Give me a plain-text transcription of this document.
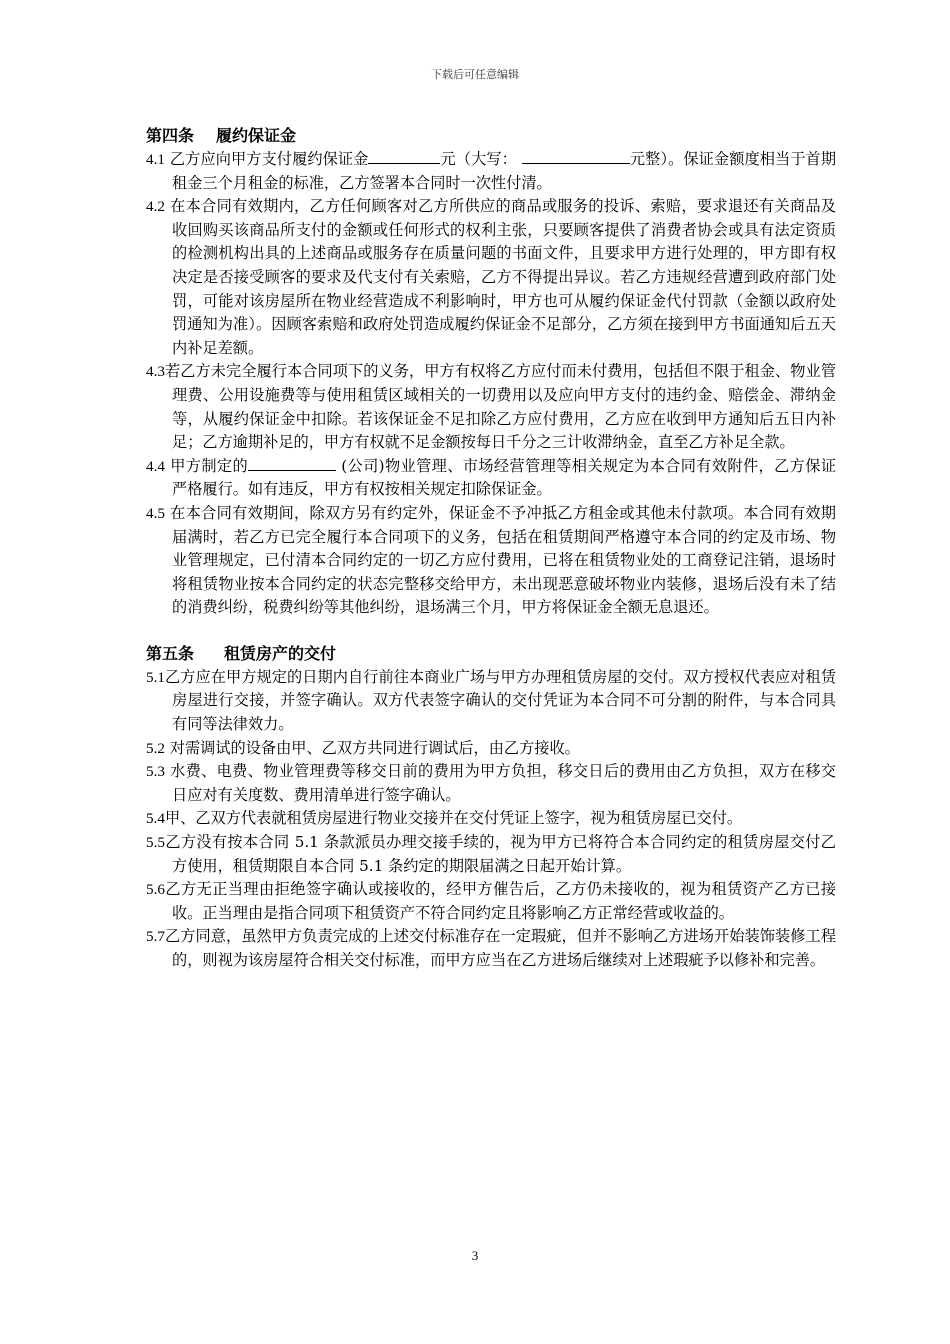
下载后可任意编辑
第四条 履约保证金

4.1 乙方应向甲方支付履约保证金	元（大写：	元整）。保证金额度相当于首期租金三个月租金的标准，乙方签署本合同时一次性付清。

4.2 在本合同有效期内，乙方任何顾客对乙方所供应的商品或服务的投诉、索赔，要求退还有关商品及收回购买该商品所支付的金额或任何形式的权利主张，只要顾客提供了消费者协会或具有法定资质的检测机构出具的上述商品或服务存在质量问题的书面文件，且要求甲方进行处理的，甲方即有权决定是否接受顾客的要求及代支付有关索赔，乙方不得提出异议。若乙方违规经营遭到政府部门处罚，可能对该房屋所在物业经营造成不利影响时，甲方也可从履约保证金代付罚款（金额以政府处罚通知为准）。因顾客索赔和政府处罚造成履约保证金不足部分，乙方须在接到甲方书面通知后五天内补足差额。

4.3若乙方未完全履行本合同项下的义务，甲方有权将乙方应付而未付费用，包括但不限于租金、物业管理费、公用设施费等与使用租赁区域相关的一切费用以及应向甲方支付的违约金、赔偿金、滞纳金等，从履约保证金中扣除。若该保证金不足扣除乙方应付费用，乙方应在收到甲方通知后五日内补足；乙方逾期补足的，甲方有权就不足金额按每日千分之三计收滞纳金，直至乙方补足全款。

4.4 甲方制定的	(公司)物业管理、市场经营管理等相关规定为本合同有效附件，乙方保证严格履行。如有违反，甲方有权按相关规定扣除保证金。

4.5 在本合同有效期间，除双方另有约定外，保证金不予冲抵乙方租金或其他未付款项。本合同有效期届满时，若乙方已完全履行本合同项下的义务，包括在租赁期间严格遵守本合同的约定及市场、物业管理规定，已付清本合同约定的一切乙方应付费用，已将在租赁物业处的工商登记注销，退场时将租赁物业按本合同约定的状态完整移交给甲方，未出现恶意破坏物业内装修，退场后没有未了结的消费纠纷，税费纠纷等其他纠纷，退场满三个月，甲方将保证金全额无息退还。

第五条 租赁房产的交付

5.1乙方应在甲方规定的日期内自行前往本商业广场与甲方办理租赁房屋的交付。双方授权代表应对租赁房屋进行交接，并签字确认。双方代表签字确认的交付凭证为本合同不可分割的附件，与本合同具有同等法律效力。

5.2 对需调试的设备由甲、乙双方共同进行调试后，由乙方接收。

5.3 水费、电费、物业管理费等移交日前的费用为甲方负担，移交日后的费用由乙方负担，双方在移交日应对有关度数、费用清单进行签字确认。

5.4甲、乙双方代表就租赁房屋进行物业交接并在交付凭证上签字，视为租赁房屋已交付。

5.5乙方没有按本合同 5.1 条款派员办理交接手续的，视为甲方已将符合本合同约定的租赁房屋交付乙方使用，租赁期限自本合同 5.1 条约定的期限届满之日起开始计算。

5.6乙方无正当理由拒绝签字确认或接收的，经甲方催告后，乙方仍未接收的，视为租赁资产乙方已接收。正当理由是指合同项下租赁资产不符合同约定且将影响乙方正常经营或收益的。

5.7乙方同意，虽然甲方负责完成的上述交付标准存在一定瑕疵，但并不影响乙方进场开始装饰装修工程的，则视为该房屋符合相关交付标准，而甲方应当在乙方进场后继续对上述瑕疵予以修补和完善。

3
